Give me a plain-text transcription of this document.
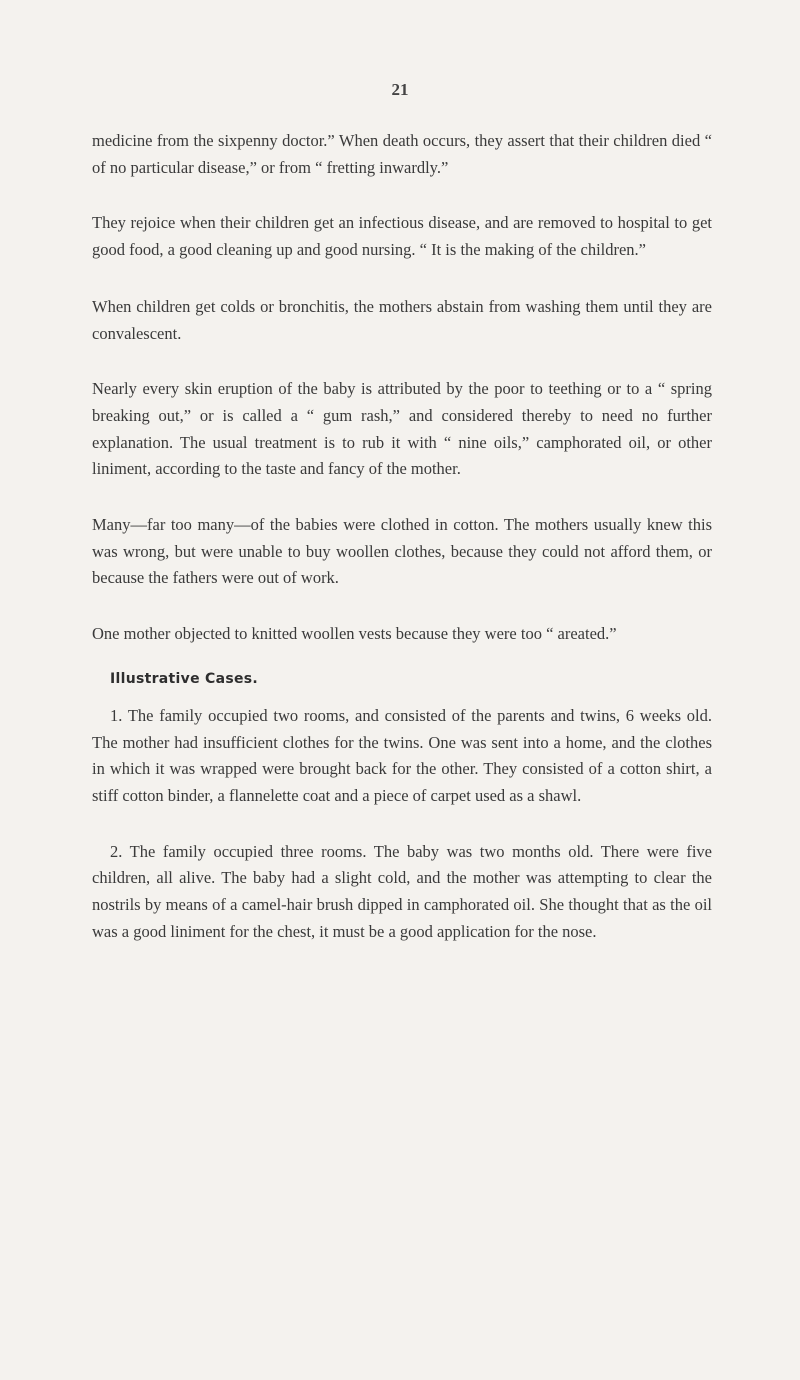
21

medicine from the sixpenny doctor.” When death occurs, they assert that their children died “ of no particular disease,” or from “ fretting inwardly.”

They rejoice when their children get an infectious disease, and are removed to hospital to get good food, a good cleaning up and good nursing. “ It is the making of the children.”

When children get colds or bronchitis, the mothers abstain from washing them until they are convalescent.

Nearly every skin eruption of the baby is attributed by the poor to teething or to a “ spring breaking out,” or is called a “ gum rash,” and considered thereby to need no further explanation. The usual treatment is to rub it with “ nine oils,” camphorated oil, or other liniment, according to the taste and fancy of the mother.

Many—far too many—of the babies were clothed in cotton. The mothers usually knew this was wrong, but were unable to buy woollen clothes, because they could not afford them, or because the fathers were out of work.

One mother objected to knitted woollen vests because they were too “ areated.”

Illustrative Cases.

1. The family occupied two rooms, and consisted of the parents and twins, 6 weeks old. The mother had insufficient clothes for the twins. One was sent into a home, and the clothes in which it was wrapped were brought back for the other. They consisted of a cotton shirt, a stiff cotton binder, a flannelette coat and a piece of carpet used as a shawl.

2. The family occupied three rooms. The baby was two months old. There were five children, all alive. The baby had a slight cold, and the mother was attempting to clear the nostrils by means of a camel-hair brush dipped in camphorated oil. She thought that as the oil was a good liniment for the chest, it must be a good application for the nose.
